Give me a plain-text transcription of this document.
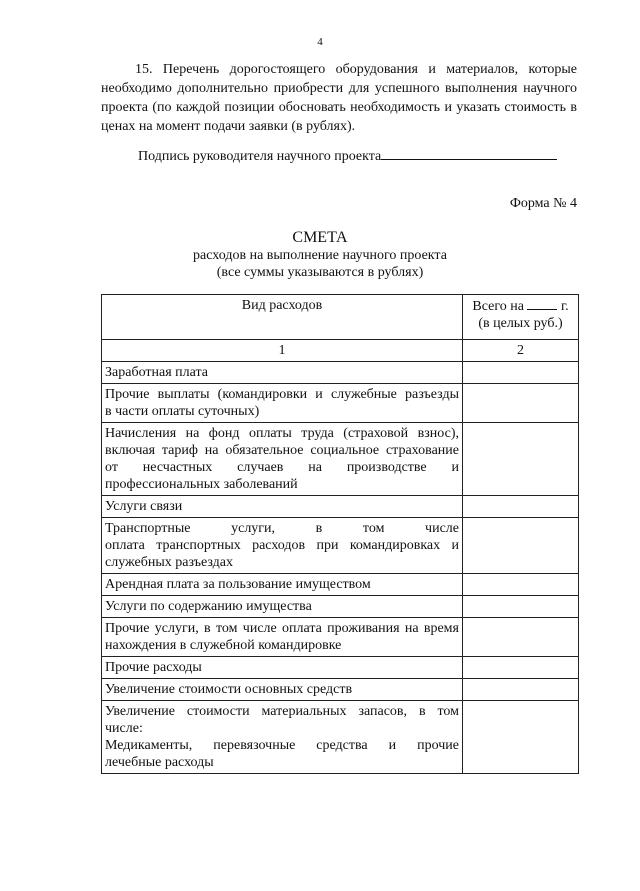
4
15. Перечень дорогостоящего оборудования и материалов, которые необходимо дополнительно приобрести для успешного выполнения научного проекта (по каждой позиции обосновать необходимость и указать стоимость в ценах на момент подачи заявки (в рублях).
Подпись руководителя научного проекта
Форма № 4
СМЕТА
расходов на выполнение научного проекта
(все суммы указываются в рублях)
Вид расходов	Всего на г.
(в целых руб.)
1	2

Заработная плата	

Прочие выплаты (командировки и служебные разъезды
в части оплаты суточных)	

Начисления на фонд оплаты труда (страховой взнос),
включая тариф на обязательное социальное страхование
от несчастных случаев на производстве и
профессиональных заболеваний	

Услуги связи	

Транспортные услуги, в том числе
оплата транспортных расходов при командировках и
служебных разъездах	

Арендная плата за пользование имуществом	

Услуги по содержанию имущества	

Прочие услуги, в том числе оплата проживания на время
нахождения в служебной командировке	

Прочие расходы	

Увеличение стоимости основных средств	

Увеличение стоимости материальных запасов, в том
числе:
Медикаменты, перевязочные средства и прочие
лечебные расходы	
